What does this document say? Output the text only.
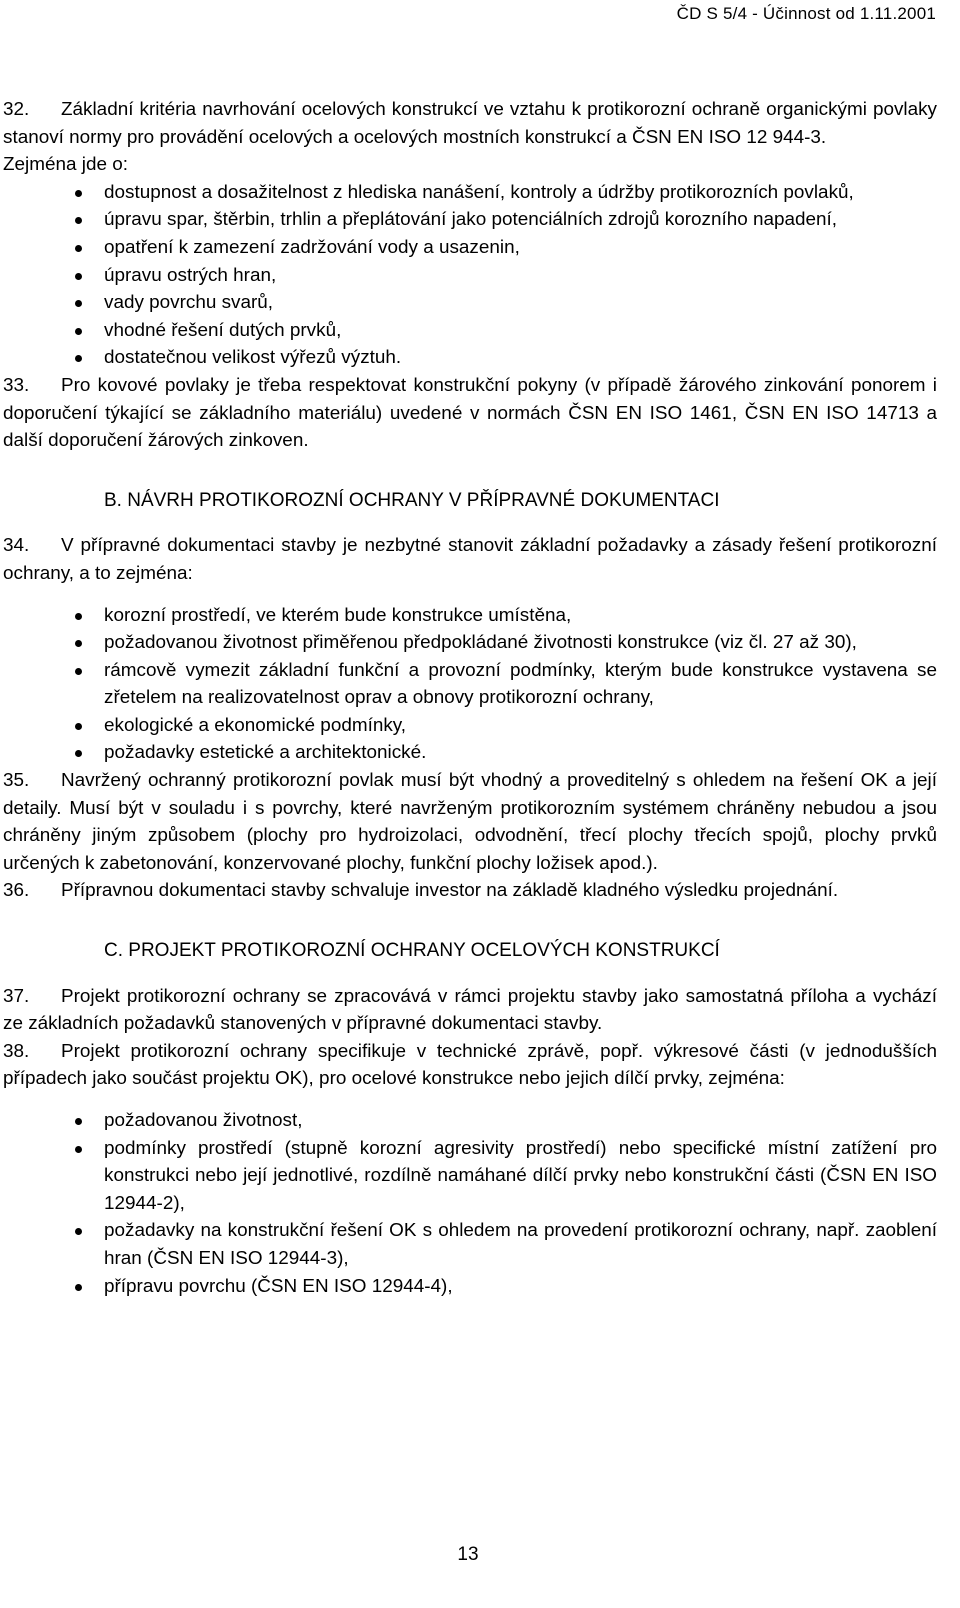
ČD S 5/4 - Účinnost od 1.11.2001

32. Základní kritéria navrhování ocelových konstrukcí ve vztahu k protikorozní ochraně organickými povlaky stanoví normy pro provádění ocelových a ocelových mostních konstrukcí a ČSN EN ISO 12 944-3.

Zejména jde o:

dostupnost a dosažitelnost z hlediska nanášení, kontroly a údržby protikorozních povlaků,
úpravu spar, štěrbin, trhlin a přeplátování jako potenciálních zdrojů korozního napadení,
opatření k zamezení zadržování vody a usazenin,
úpravu ostrých hran,
vady povrchu svarů,
vhodné řešení dutých prvků,
dostatečnou velikost výřezů výztuh.

33. Pro kovové povlaky je třeba respektovat konstrukční pokyny (v případě žárového zinkování ponorem i doporučení týkající se základního materiálu) uvedené v normách ČSN EN ISO 1461, ČSN EN ISO 14713 a další doporučení žárových zinkoven.

B. NÁVRH PROTIKOROZNÍ OCHRANY V PŘÍPRAVNÉ DOKUMENTACI

34. V přípravné dokumentaci stavby je nezbytné stanovit základní požadavky a zásady řešení protikorozní ochrany, a to zejména:

korozní prostředí, ve kterém bude konstrukce umístěna,
požadovanou životnost přiměřenou předpokládané životnosti konstrukce (viz čl. 27 až 30),
rámcově vymezit základní funkční a provozní podmínky, kterým bude konstrukce vystavena se zřetelem na realizovatelnost oprav a obnovy protikorozní ochrany,
ekologické a ekonomické podmínky,
požadavky estetické a architektonické.

35. Navržený ochranný protikorozní povlak musí být vhodný a proveditelný s ohledem na řešení OK a její detaily. Musí být v souladu i s povrchy, které navrženým protikorozním systémem chráněny nebudou a jsou chráněny jiným způsobem (plochy pro hydroizolaci, odvodnění, třecí plochy třecích spojů, plochy prvků určených k zabetonování, konzervované plochy, funkční plochy ložisek apod.).

36. Přípravnou dokumentaci stavby schvaluje investor na základě kladného výsledku projednání.

C. PROJEKT PROTIKOROZNÍ OCHRANY OCELOVÝCH KONSTRUKCÍ

37. Projekt protikorozní ochrany se zpracovává v rámci projektu stavby jako samostatná příloha a vychází ze základních požadavků stanovených v přípravné dokumentaci stavby.

38. Projekt protikorozní ochrany specifikuje v technické zprávě, popř. výkresové části (v jednodušších případech jako součást projektu OK), pro ocelové konstrukce nebo jejich dílčí prvky, zejména:

požadovanou životnost,
podmínky prostředí (stupně korozní agresivity prostředí) nebo specifické místní zatížení pro konstrukci nebo její jednotlivé, rozdílně namáhané dílčí prvky nebo konstrukční části (ČSN EN ISO 12944-2),
požadavky na konstrukční řešení OK s ohledem na provedení protikorozní ochrany, např. zaoblení hran (ČSN EN ISO 12944-3),
přípravu povrchu (ČSN EN ISO 12944-4),
13
